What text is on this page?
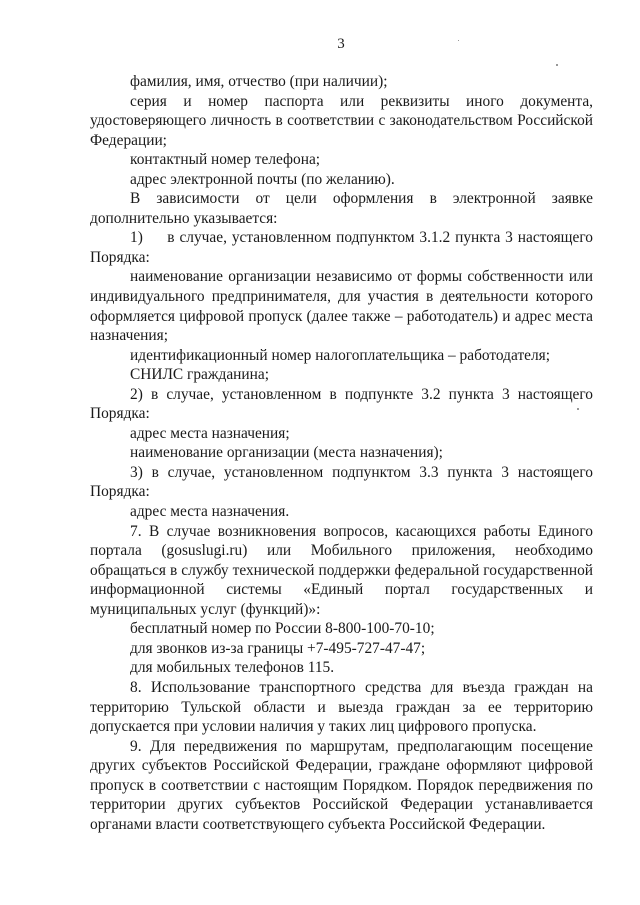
3

фамилия, имя, отчество (при наличии);

серия и номер паспорта или реквизиты иного документа, удостоверяющего личность в соответствии с законодательством Российской Федерации;

контактный номер телефона;

адрес электронной почты (по желанию).

В зависимости от цели оформления в электронной заявке дополнительно указывается:

1)     в случае, установленном подпунктом 3.1.2 пункта 3 настоящего Порядка:

наименование организации независимо от формы собственности или индивидуального предпринимателя, для участия в деятельности которого оформляется цифровой пропуск (далее также – работодатель) и адрес места назначения;

идентификационный номер налогоплательщика – работодателя;

СНИЛС гражданина;

2) в случае, установленном в подпункте 3.2 пункта 3 настоящего Порядка:

адрес места назначения;

наименование организации (места назначения);

3) в случае, установленном подпунктом 3.3 пункта 3 настоящего Порядка:

адрес места назначения.

7. В случае возникновения вопросов, касающихся работы Единого портала (gosuslugi.ru) или Мобильного приложения, необходимо обращаться в службу технической поддержки федеральной государственной информационной системы «Единый портал государственных и муниципальных услуг (функций)»:

бесплатный номер по России 8-800-100-70-10;

для звонков из-за границы +7-495-727-47-47;

для мобильных телефонов 115.

8. Использование транспортного средства для въезда граждан на территорию Тульской области и выезда граждан за ее территорию допускается при условии наличия у таких лиц цифрового пропуска.

9. Для передвижения по маршрутам, предполагающим посещение других субъектов Российской Федерации, граждане оформляют цифровой пропуск в соответствии с настоящим Порядком. Порядок передвижения по территории других субъектов Российской Федерации устанавливается органами власти соответствующего субъекта Российской Федерации.
